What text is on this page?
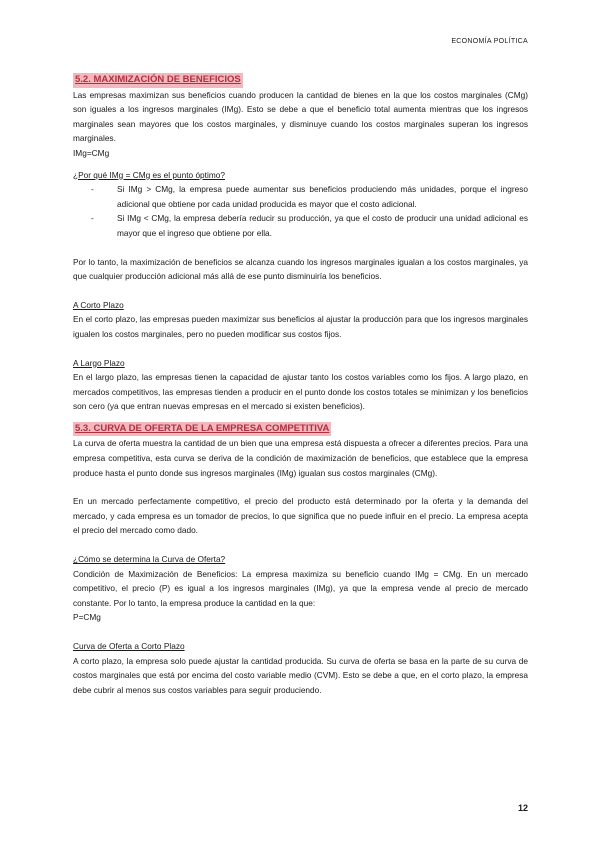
ECONOMÍA POLÍTICA
5.2. MAXIMIZACIÓN DE BENEFICIOS

Las empresas maximizan sus beneficios cuando producen la cantidad de bienes en la que los costos marginales (CMg) son iguales a los ingresos marginales (IMg). Esto se debe a que el beneficio total aumenta mientras que los ingresos marginales sean mayores que los costos marginales, y disminuye cuando los costos marginales superan los ingresos marginales.

IMg=CMg

¿Por qué IMg = CMg es el punto óptimo?

-	Si IMg > CMg, la empresa puede aumentar sus beneficios produciendo más unidades, porque el ingreso adicional que obtiene por cada unidad producida es mayor que el costo adicional.
-	Si IMg < CMg, la empresa debería reducir su producción, ya que el costo de producir una unidad adicional es mayor que el ingreso que obtiene por ella.

Por lo tanto, la maximización de beneficios se alcanza cuando los ingresos marginales igualan a los costos marginales, ya que cualquier producción adicional más allá de ese punto disminuiría los beneficios.

A Corto Plazo

En el corto plazo, las empresas pueden maximizar sus beneficios al ajustar la producción para que los ingresos marginales igualen los costos marginales, pero no pueden modificar sus costos fijos.

A Largo Plazo

En el largo plazo, las empresas tienen la capacidad de ajustar tanto los costos variables como los fijos. A largo plazo, en mercados competitivos, las empresas tienden a producir en el punto donde los costos totales se minimizan y los beneficios son cero (ya que entran nuevas empresas en el mercado si existen beneficios).

5.3. CURVA DE OFERTA DE LA EMPRESA COMPETITIVA

La curva de oferta muestra la cantidad de un bien que una empresa está dispuesta a ofrecer a diferentes precios. Para una empresa competitiva, esta curva se deriva de la condición de maximización de beneficios, que establece que la empresa produce hasta el punto donde sus ingresos marginales (IMg) igualan sus costos marginales (CMg).

En un mercado perfectamente competitivo, el precio del producto está determinado por la oferta y la demanda del mercado, y cada empresa es un tomador de precios, lo que significa que no puede influir en el precio. La empresa acepta el precio del mercado como dado.

¿Cómo se determina la Curva de Oferta?

Condición de Maximización de Beneficios: La empresa maximiza su beneficio cuando IMg = CMg. En un mercado competitivo, el precio (P) es igual a los ingresos marginales (IMg), ya que la empresa vende al precio de mercado constante. Por lo tanto, la empresa produce la cantidad en la que:

P=CMg

Curva de Oferta a Corto Plazo

A corto plazo, la empresa solo puede ajustar la cantidad producida. Su curva de oferta se basa en la parte de su curva de costos marginales que está por encima del costo variable medio (CVM). Esto se debe a que, en el corto plazo, la empresa debe cubrir al menos sus costos variables para seguir produciendo.

12
